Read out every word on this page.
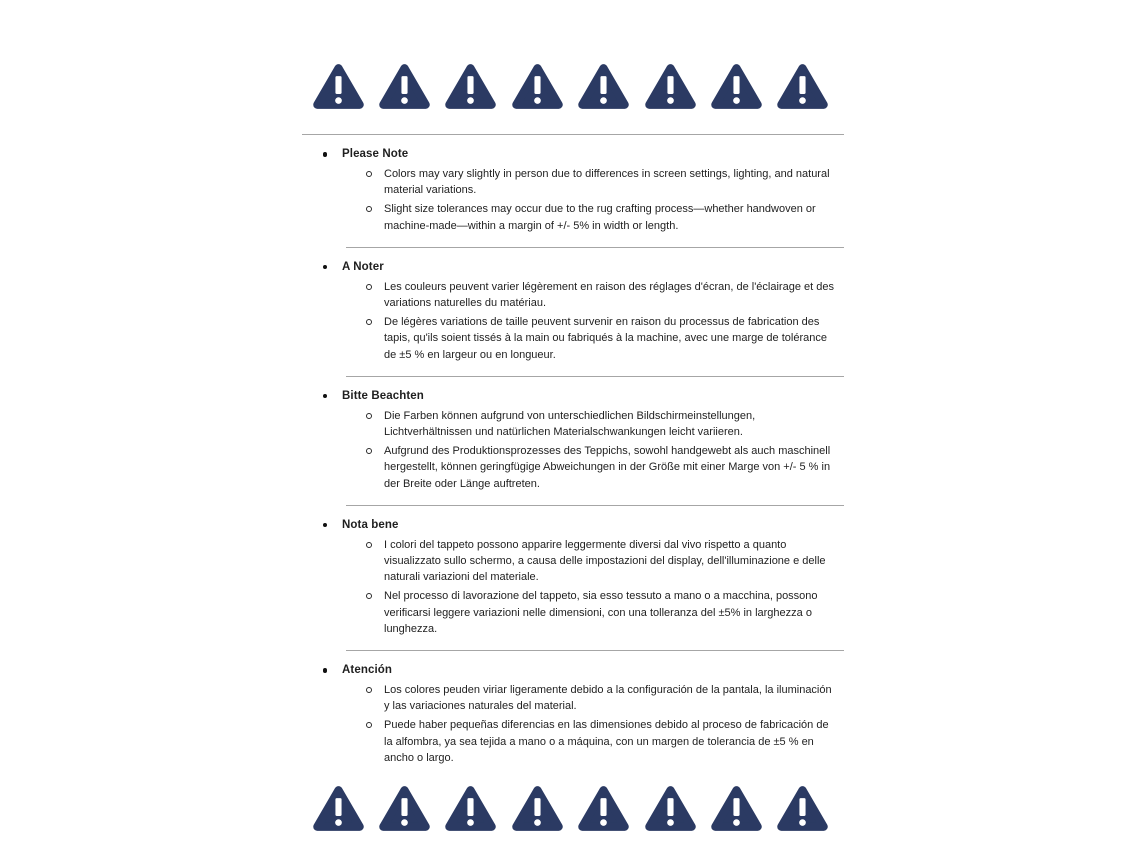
Please Note
Colors may vary slightly in person due to differences in screen settings, lighting, and natural material variations.
Slight size tolerances may occur due to the rug crafting process—whether handwoven or machine-made—within a margin of +/- 5% in width or length.
A Noter
Les couleurs peuvent varier légèrement en raison des réglages d'écran, de l'éclairage et des variations naturelles du matériau.
De légères variations de taille peuvent survenir en raison du processus de fabrication des tapis, qu'ils soient tissés à la main ou fabriqués à la machine, avec une marge de tolérance de ±5 % en largeur ou en longueur.
Bitte Beachten
Die Farben können aufgrund von unterschiedlichen Bildschirmeinstellungen, Lichtverhältnissen und natürlichen Materialschwankungen leicht variieren.
Aufgrund des Produktionsprozesses des Teppichs, sowohl handgewebt als auch maschinell hergestellt, können geringfügige Abweichungen in der Größe mit einer Marge von +/- 5 % in der Breite oder Länge auftreten.
Nota bene
I colori del tappeto possono apparire leggermente diversi dal vivo rispetto a quanto visualizzato sullo schermo, a causa delle impostazioni del display, dell'illuminazione e delle naturali variazioni del materiale.
Nel processo di lavorazione del tappeto, sia esso tessuto a mano o a macchina, possono verificarsi leggere variazioni nelle dimensioni, con una tolleranza del ±5% in larghezza o lunghezza.
Atención
Los colores peuden viriar ligeramente debido a la configuración de la pantala, la iluminación y las variaciones naturales del material.
Puede haber pequeñas diferencias en las dimensiones debido al proceso de fabricación de la alfombra, ya sea tejida a mano o a máquina, con un margen de tolerancia de ±5 % en ancho o largo.
